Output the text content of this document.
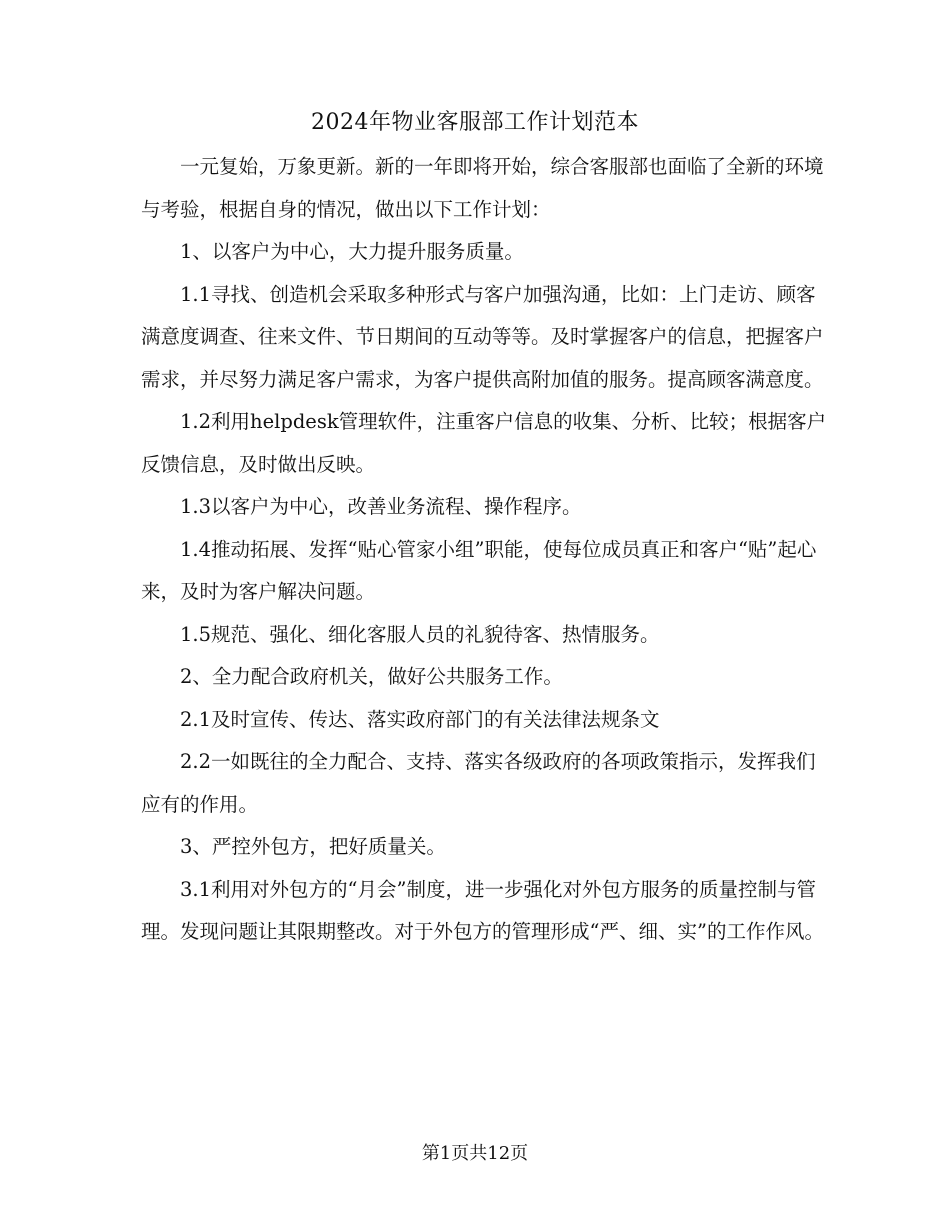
2024年物业客服部工作计划范本

一元复始，万象更新。新的一年即将开始，综合客服部也面临了全新的环境与考验，根据自身的情况，做出以下工作计划：

1、以客户为中心，大力提升服务质量。

1.1寻找、创造机会采取多种形式与客户加强沟通，比如：上门走访、顾客满意度调查、往来文件、节日期间的互动等等。及时掌握客户的信息，把握客户需求，并尽努力满足客户需求，为客户提供高附加值的服务。提高顾客满意度。

1.2利用helpdesk管理软件，注重客户信息的收集、分析、比较；根据客户反馈信息，及时做出反映。

1.3以客户为中心，改善业务流程、操作程序。

1.4推动拓展、发挥“贴心管家小组”职能，使每位成员真正和客户“贴”起心来，及时为客户解决问题。

1.5规范、强化、细化客服人员的礼貌待客、热情服务。

2、全力配合政府机关，做好公共服务工作。

2.1及时宣传、传达、落实政府部门的有关法律法规条文

2.2一如既往的全力配合、支持、落实各级政府的各项政策指示，发挥我们应有的作用。

3、严控外包方，把好质量关。

3.1利用对外包方的“月会”制度，进一步强化对外包方服务的质量控制与管理。发现问题让其限期整改。对于外包方的管理形成“严、细、实”的工作作风。

第1页共12页
